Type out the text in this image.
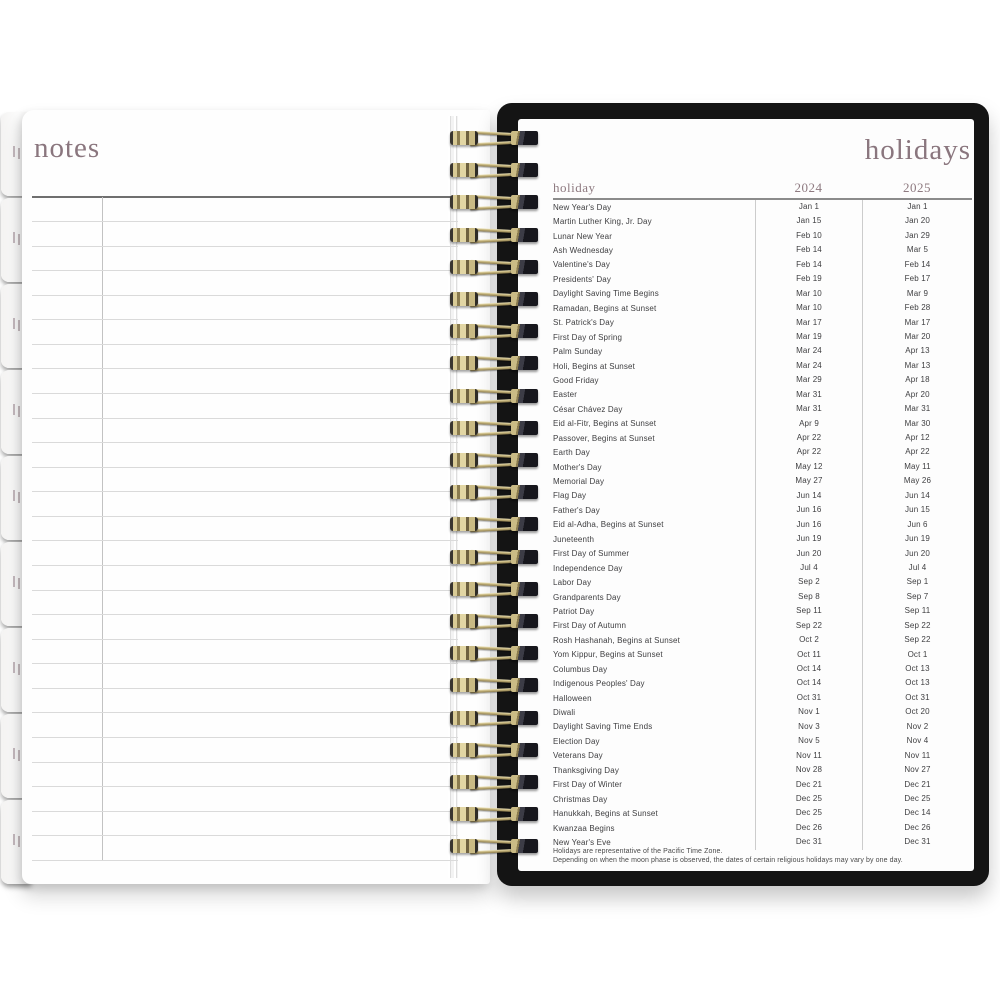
notes	holidays
holiday	2024	2025
New Year's Day	Jan 1	Jan 1
Martin Luther King, Jr. Day	Jan 15	Jan 20
Lunar New Year	Feb 10	Jan 29
Ash Wednesday	Feb 14	Mar 5
Valentine's Day	Feb 14	Feb 14
Presidents' Day	Feb 19	Feb 17
Daylight Saving Time Begins	Mar 10	Mar 9
Ramadan, Begins at Sunset	Mar 10	Feb 28
St. Patrick's Day	Mar 17	Mar 17
First Day of Spring	Mar 19	Mar 20
Palm Sunday	Mar 24	Apr 13
Holi, Begins at Sunset	Mar 24	Mar 13
Good Friday	Mar 29	Apr 18
Easter	Mar 31	Apr 20
César Chávez Day	Mar 31	Mar 31
Eid al-Fitr, Begins at Sunset	Apr 9	Mar 30
Passover, Begins at Sunset	Apr 22	Apr 12
Earth Day	Apr 22	Apr 22
Mother's Day	May 12	May 11
Memorial Day	May 27	May 26
Flag Day	Jun 14	Jun 14
Father's Day	Jun 16	Jun 15
Eid al-Adha, Begins at Sunset	Jun 16	Jun 6
Juneteenth	Jun 19	Jun 19
First Day of Summer	Jun 20	Jun 20
Independence Day	Jul 4	Jul 4
Labor Day	Sep 2	Sep 1
Grandparents Day	Sep 8	Sep 7
Patriot Day	Sep 11	Sep 11
First Day of Autumn	Sep 22	Sep 22
Rosh Hashanah, Begins at Sunset	Oct 2	Sep 22
Yom Kippur, Begins at Sunset	Oct 11	Oct 1
Columbus Day	Oct 14	Oct 13
Indigenous Peoples' Day	Oct 14	Oct 13
Halloween	Oct 31	Oct 31
Diwali	Nov 1	Oct 20
Daylight Saving Time Ends	Nov 3	Nov 2
Election Day	Nov 5	Nov 4
Veterans Day	Nov 11	Nov 11
Thanksgiving Day	Nov 28	Nov 27
First Day of Winter	Dec 21	Dec 21
Christmas Day	Dec 25	Dec 25
Hanukkah, Begins at Sunset	Dec 25	Dec 14
Kwanzaa Begins	Dec 26	Dec 26
New Year's Eve	Dec 31	Dec 31
Holidays are representative of the Pacific Time Zone.
Depending on when the moon phase is observed, the dates of certain religious holidays may vary by one day.
